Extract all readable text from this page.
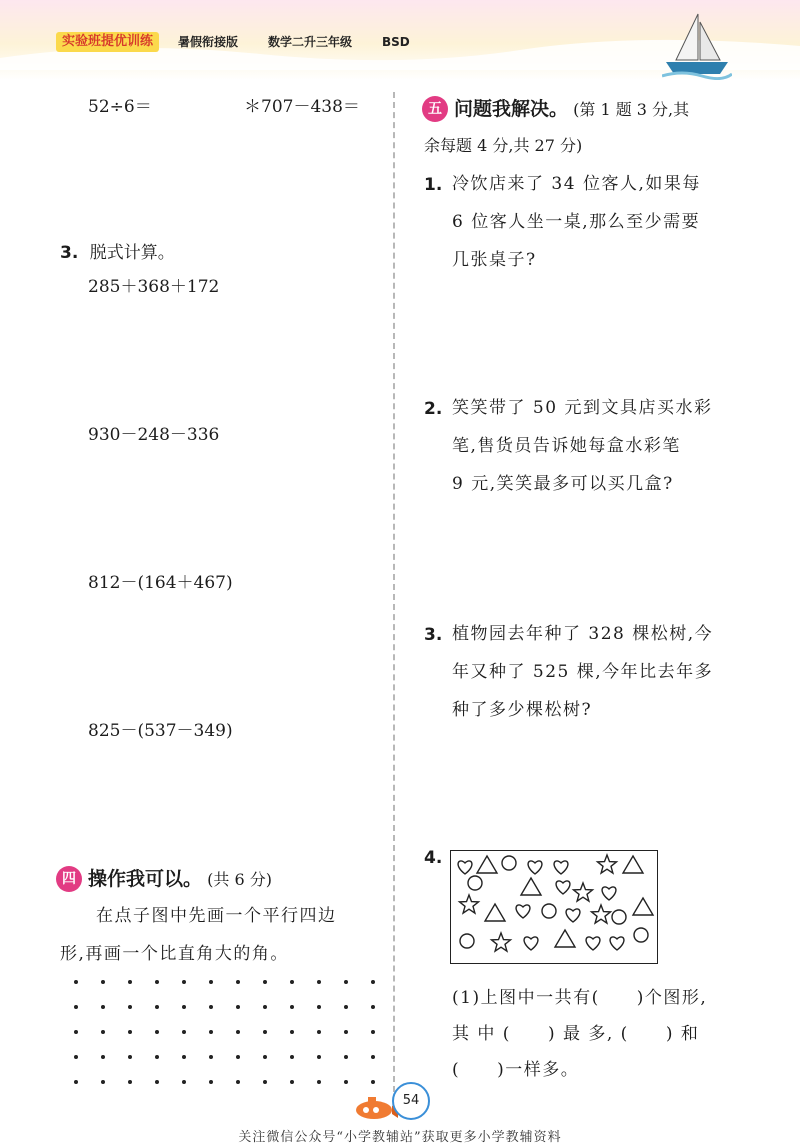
实验班提优训练	暑假衔接版 数学二升三年级 BSD
52÷6＝	＊707－438＝
3. 脱式计算。
285＋368＋172
930－248－336
812－(164＋467)
825－(537－349)
四 操作我可以。 (共 6 分)
在点子图中先画一个平行四边
形,再画一个比直角大的角。
五 问题我解决。 (第 1 题 3 分,其
余每题 4 分,共 27 分)
1. 冷饮店来了 34 位客人,如果每
6 位客人坐一桌,那么至少需要
几张桌子?
2. 笑笑带了 50 元到文具店买水彩
笔,售货员告诉她每盒水彩笔
9 元,笑笑最多可以买几盒?
3. 植物园去年种了 328 棵松树,今
年又种了 525 棵,今年比去年多
种了多少棵松树?
4.
(1)上图中一共有(　　)个图形,
其 中 (　　) 最 多, (　　) 和
(　　)一样多。
54
关注微信公众号“小学教辅站”获取更多小学教辅资料
